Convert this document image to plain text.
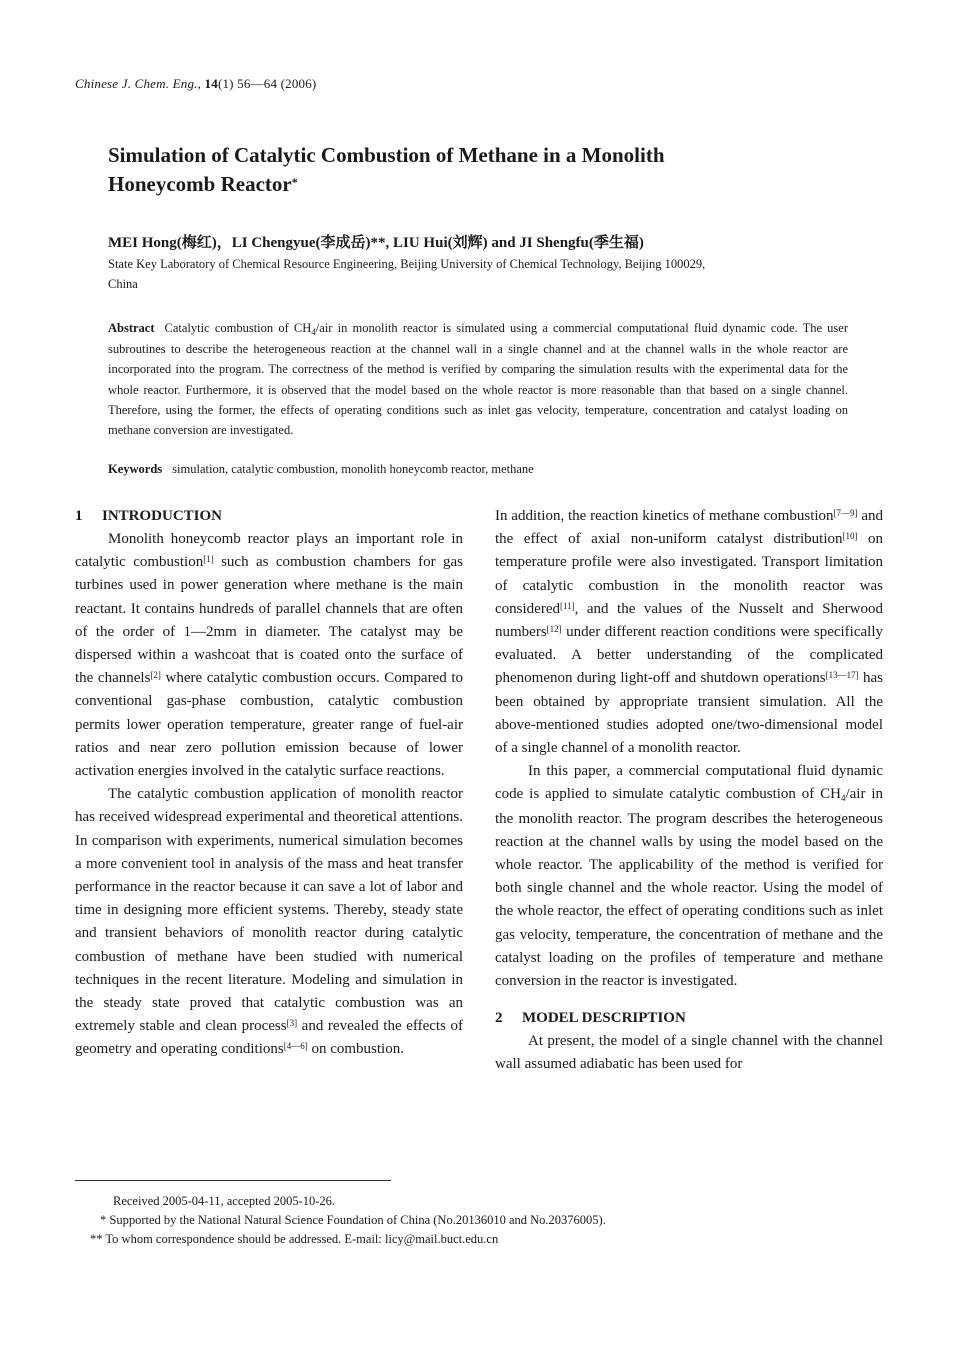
Chinese J. Chem. Eng., 14(1) 56—64 (2006)
Simulation of Catalytic Combustion of Methane in a Monolith
Honeycomb Reactor*
MEI Hong(梅红)，LI Chengyue(李成岳)**, LIU Hui(刘辉) and JI Shengfu(季生福)
State Key Laboratory of Chemical Resource Engineering, Beijing University of Chemical Technology, Beijing 100029,
China
Abstract Catalytic combustion of $CH_4$/air in monolith reactor is simulated using a commercial computational fluid dynamic code. The user subroutines to describe the heterogeneous reaction at the channel wall in a single channel and at the channel walls in the whole reactor are incorporated into the program. The correctness of the method is verified by comparing the simulation results with the experimental data for the whole reactor. Furthermore, it is observed that the model based on the whole reactor is more reasonable than that based on a single channel. Therefore, using the former, the effects of operating conditions such as inlet gas velocity, temperature, concentration and catalyst loading on methane conversion are investigated.
Keywords simulation, catalytic combustion, monolith honeycomb reactor, methane
1 INTRODUCTION

Monolith honeycomb reactor plays an important role in catalytic combustion[1] such as combustion chambers for gas turbines used in power generation where methane is the main reactant. It contains hundreds of parallel channels that are often of the order of 1—2mm in diameter. The catalyst may be dispersed within a washcoat that is coated onto the surface of the channels[2] where catalytic combustion occurs. Compared to conventional gas-phase combustion, catalytic combustion permits lower operation temperature, greater range of fuel-air ratios and near zero pollution emission because of lower activation energies involved in the catalytic surface reactions.

The catalytic combustion application of monolith reactor has received widespread experimental and theoretical attentions. In comparison with experiments, numerical simulation becomes a more convenient tool in analysis of the mass and heat transfer performance in the reactor because it can save a lot of labor and time in designing more efficient systems. Thereby, steady state and transient behaviors of monolith reactor during catalytic combustion of methane have been studied with numerical techniques in the recent literature. Modeling and simulation in the steady state proved that catalytic combustion was an extremely stable and clean process[3] and revealed the effects of geometry and operating conditions[4—6] on combustion.

In addition, the reaction kinetics of methane combustion[7—9] and the effect of axial non-uniform catalyst distribution[10] on temperature profile were also investigated. Transport limitation of catalytic combustion in the monolith reactor was considered[11], and the values of the Nusselt and Sherwood numbers[12] under different reaction conditions were specifically evaluated. A better understanding of the complicated phenomenon during light-off and shutdown operations[13—17] has been obtained by appropriate transient simulation. All the above-mentioned studies adopted one/two-dimensional model of a single channel of a monolith reactor.

In this paper, a commercial computational fluid dynamic code is applied to simulate catalytic combustion of $CH_4$/air in the monolith reactor. The program describes the heterogeneous reaction at the channel walls by using the model based on the whole reactor. The applicability of the method is verified for both single channel and the whole reactor. Using the model of the whole reactor, the effect of operating conditions such as inlet gas velocity, temperature, the concentration of methane and the catalyst loading on the profiles of temperature and methane conversion in the reactor is investigated.

2 MODEL DESCRIPTION

At present, the model of a single channel with the channel wall assumed adiabatic has been used for

Received 2005-04-11, accepted 2005-10-26.
* Supported by the National Natural Science Foundation of China (No.20136010 and No.20376005).
** To whom correspondence should be addressed. E-mail: licy@mail.buct.edu.cn
